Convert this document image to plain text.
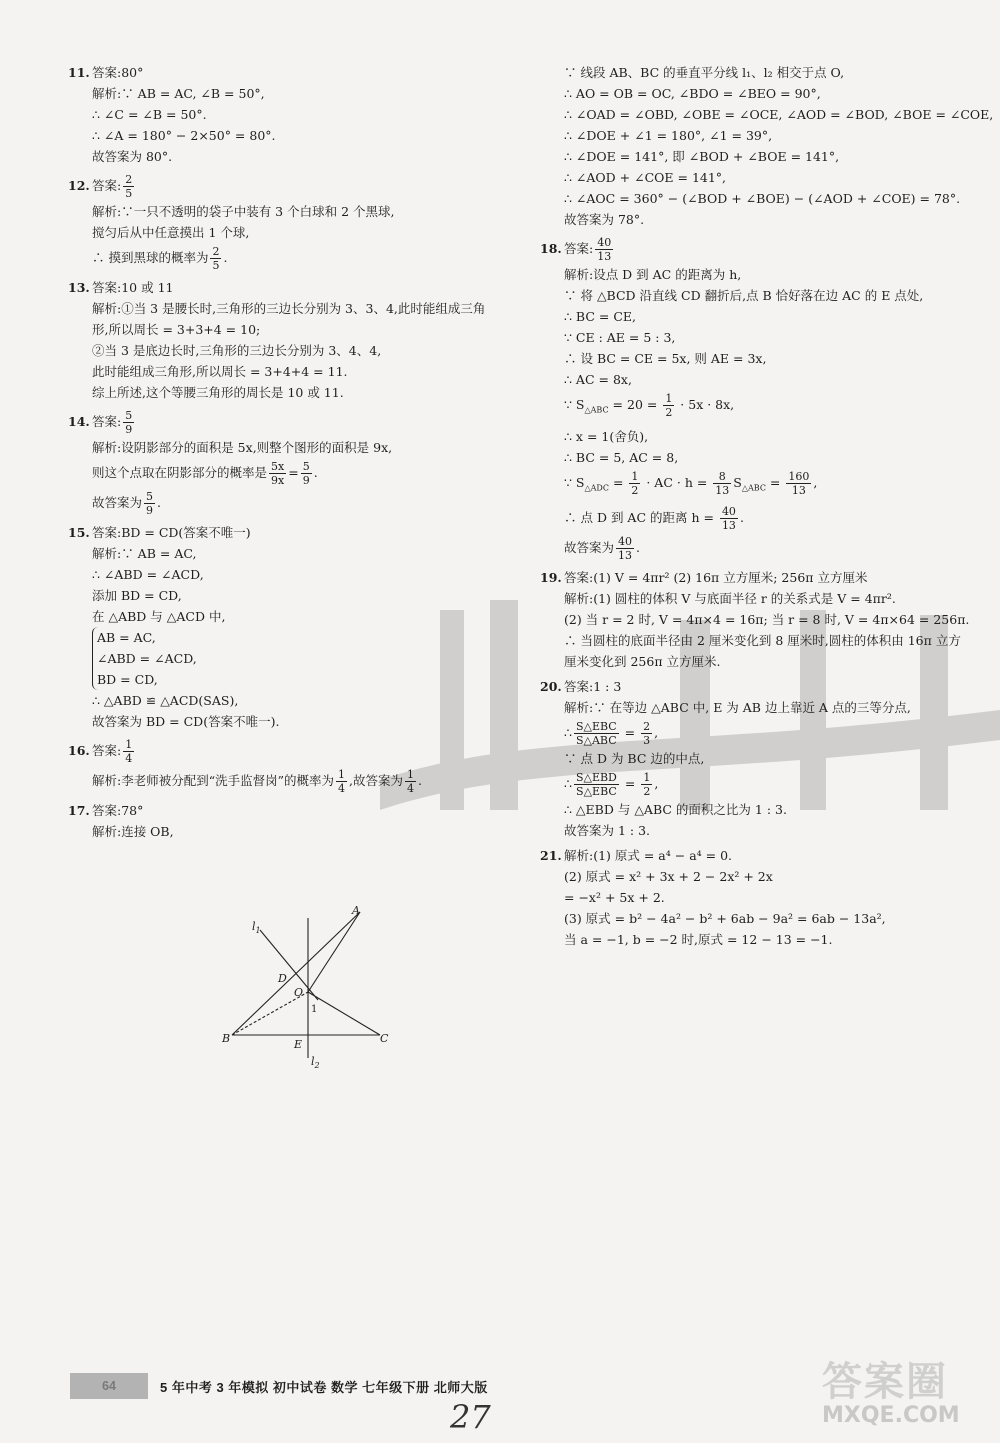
11. 答案:80°
解析:∵ AB = AC, ∠B = 50°,
∴ ∠C = ∠B = 50°.
∴ ∠A = 180° − 2×50° = 80°.
故答案为 80°.
12. 答案: $\frac{2}{5}$
解析:∵一只不透明的袋子中装有 3 个白球和 2 个黑球,
搅匀后从中任意摸出 1 个球,
∴ 摸到黑球的概率为 $\frac{2}{5}$ .
13. 答案:10 或 11
解析:①当 3 是腰长时,三角形的三边长分别为 3、3、4,此时能组成三角
形,所以周长 = 3+3+4 = 10;
②当 3 是底边长时,三角形的三边长分别为 3、4、4,
此时能组成三角形,所以周长 = 3+4+4 = 11.
综上所述,这个等腰三角形的周长是 10 或 11.
14. 答案: $\frac{5}{9}$
解析:设阴影部分的面积是 5x,则整个图形的面积是 9x,
则这个点取在阴影部分的概率是 $\frac{5x}{9x} = \frac{5}{9}$ .
故答案为 $\frac{5}{9}$ .
15. 答案:BD = CD(答案不唯一)
解析:∵ AB = AC,
∴ ∠ABD = ∠ACD,
添加 BD = CD,
在 △ABD 与 △ACD 中,
AB = AC,
∠ABD = ∠ACD,
BD = CD,
∴ △ABD ≌ △ACD(SAS),
故答案为 BD = CD(答案不唯一).
16. 答案: $\frac{1}{4}$
解析:李老师被分配到“洗手监督岗”的概率为 $\frac{1}{4}$ ,故答案为 $\frac{1}{4}$ .
17. 答案:78°
解析:连接 OB,
$l_1$
A
D
O
1
B	E	C
$l_2$
∵ 线段 AB、BC 的垂直平分线 l₁、l₂ 相交于点 O,
∴ AO = OB = OC, ∠BDO = ∠BEO = 90°,
∴ ∠OAD = ∠OBD, ∠OBE = ∠OCE, ∠AOD = ∠BOD, ∠BOE = ∠COE,
∴ ∠DOE + ∠1 = 180°, ∠1 = 39°,
∴ ∠DOE = 141°, 即 ∠BOD + ∠BOE = 141°,
∴ ∠AOD + ∠COE = 141°,
∴ ∠AOC = 360° − (∠BOD + ∠BOE) − (∠AOD + ∠COE) = 78°.
故答案为 78°.
18. 答案: $\frac{40}{13}$
解析:设点 D 到 AC 的距离为 h,
∵ 将 △BCD 沿直线 CD 翻折后,点 B 恰好落在边 AC 的 E 点处,
∴ BC = CE,
∵ CE : AE = 5 : 3,
∴ 设 BC = CE = 5x, 则 AE = 3x,
∴ AC = 8x,
∵ $S_{\triangle ABC} = 20 = \frac{1}{2} \cdot 5x \cdot 8x$,
∴ x = 1(舍负),
∴ BC = 5, AC = 8,
∵ $S_{\triangle ADC} = \frac{1}{2}$ · AC · $h = \frac{8}{13} S_{\triangle ABC} = \frac{160}{13}$ ,
∴ 点 D 到 AC 的距离 $h = \frac{40}{13}$ .
故答案为 $\frac{40}{13}$ .
19. 答案:(1) V = 4πr² (2) 16π 立方厘米; 256π 立方厘米
解析:(1) 圆柱的体积 V 与底面半径 r 的关系式是 V = 4πr².
(2) 当 r = 2 时, V = 4π×4 = 16π; 当 r = 8 时, V = 4π×64 = 256π.
∴ 当圆柱的底面半径由 2 厘米变化到 8 厘米时,圆柱的体积由 16π 立方
厘米变化到 256π 立方厘米.
20. 答案:1 : 3
解析:∵ 在等边 △ABC 中, E 为 AB 边上靠近 A 点的三等分点,
∴ $\frac{\text{S△EBC}}{\text{S△ABC}} = \frac{2}{3}$ ,
∵ 点 D 为 BC 边的中点,
∴ $\frac{\text{S△EBD}}{\text{S△EBC}} = \frac{1}{2}$ ,
∴ △EBD 与 △ABC 的面积之比为 1 : 3.
故答案为 1 : 3.
21. 解析:(1) 原式 = a⁴ − a⁴ = 0.
(2) 原式 = x² + 3x + 2 − 2x² + 2x
= −x² + 5x + 2.
(3) 原式 = b² − 4a² − b² + 6ab − 9a² = 6ab − 13a²,
当 a = −1, b = −2 时,原式 = 12 − 13 = −1.
64	5 年中考 3 年模拟 初中试卷 数学 七年级下册 北师大版
27
答案圈
MXQE.COM
